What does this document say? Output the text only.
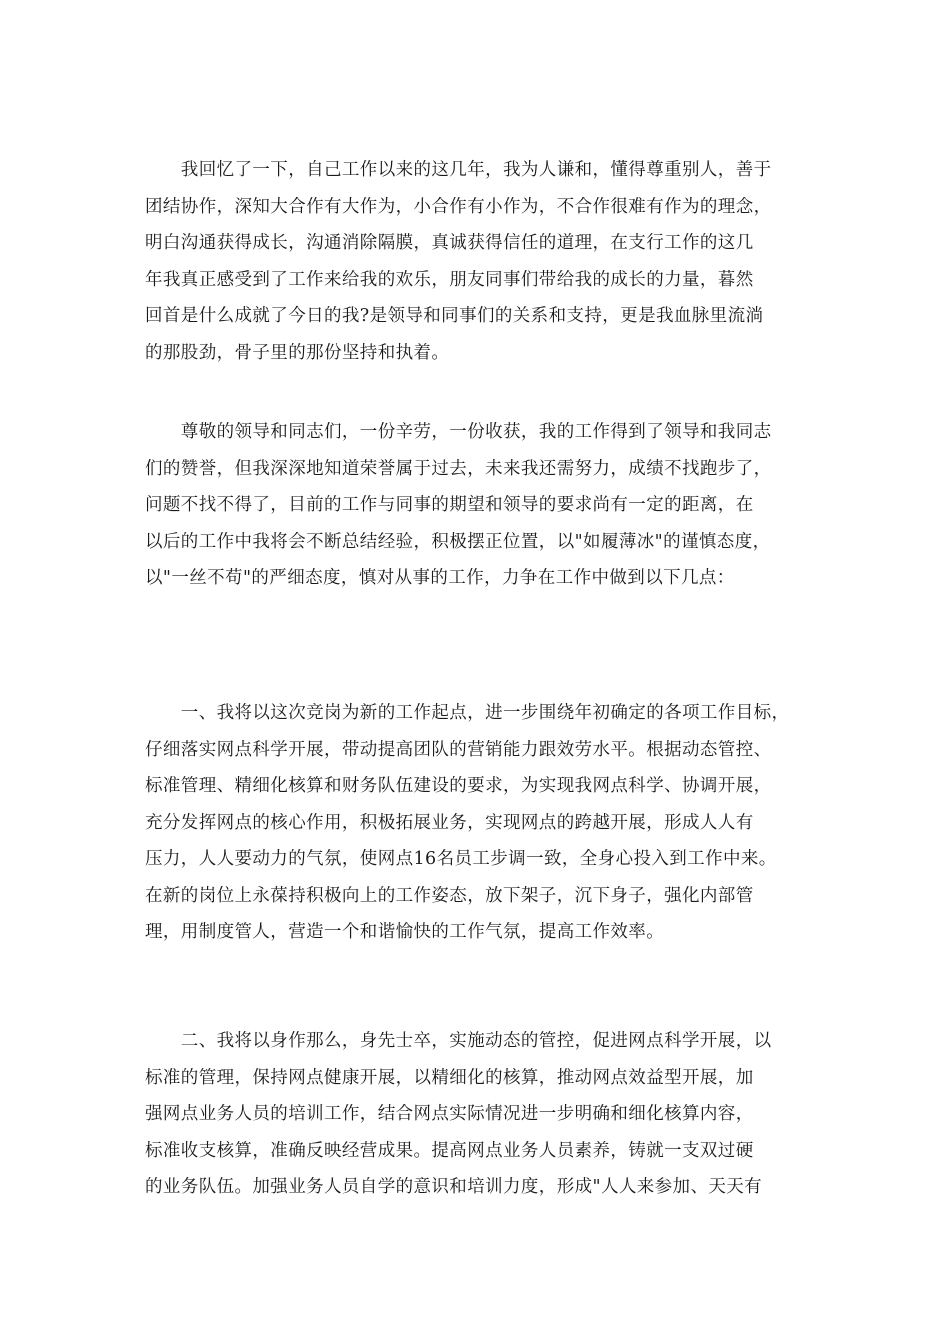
　　我回忆了一下，自己工作以来的这几年，我为人谦和，懂得尊重别人，善于
团结协作，深知大合作有大作为，小合作有小作为，不合作很难有作为的理念，
明白沟通获得成长，沟通消除隔膜，真诚获得信任的道理，在支行工作的这几
年我真正感受到了工作来给我的欢乐，朋友同事们带给我的成长的力量，暮然
回首是什么成就了今日的我?是领导和同事们的关系和支持，更是我血脉里流淌
的那股劲，骨子里的那份坚持和执着。
　　尊敬的领导和同志们，一份辛劳，一份收获，我的工作得到了领导和我同志
们的赞誉，但我深深地知道荣誉属于过去，未来我还需努力，成绩不找跑步了，
问题不找不得了，目前的工作与同事的期望和领导的要求尚有一定的距离，在
以后的工作中我将会不断总结经验，积极摆正位置，以"如履薄冰"的谨慎态度，
以"一丝不苟"的严细态度，慎对从事的工作，力争在工作中做到以下几点：
　　一、我将以这次竞岗为新的工作起点，进一步围绕年初确定的各项工作目标，
仔细落实网点科学开展，带动提高团队的营销能力跟效劳水平。根据动态管控、
标准管理、精细化核算和财务队伍建设的要求，为实现我网点科学、协调开展，
充分发挥网点的核心作用，积极拓展业务，实现网点的跨越开展，形成人人有
压力，人人要动力的气氛，使网点16名员工步调一致，全身心投入到工作中来。
在新的岗位上永葆持积极向上的工作姿态，放下架子，沉下身子，强化内部管
理，用制度管人，营造一个和谐愉快的工作气氛，提高工作效率。
　　二、我将以身作那么，身先士卒，实施动态的管控，促进网点科学开展，以
标准的管理，保持网点健康开展，以精细化的核算，推动网点效益型开展，加
强网点业务人员的培训工作，结合网点实际情况进一步明确和细化核算内容，
标准收支核算，准确反映经营成果。提高网点业务人员素养，铸就一支双过硬
的业务队伍。加强业务人员自学的意识和培训力度，形成"人人来参加、天天有
